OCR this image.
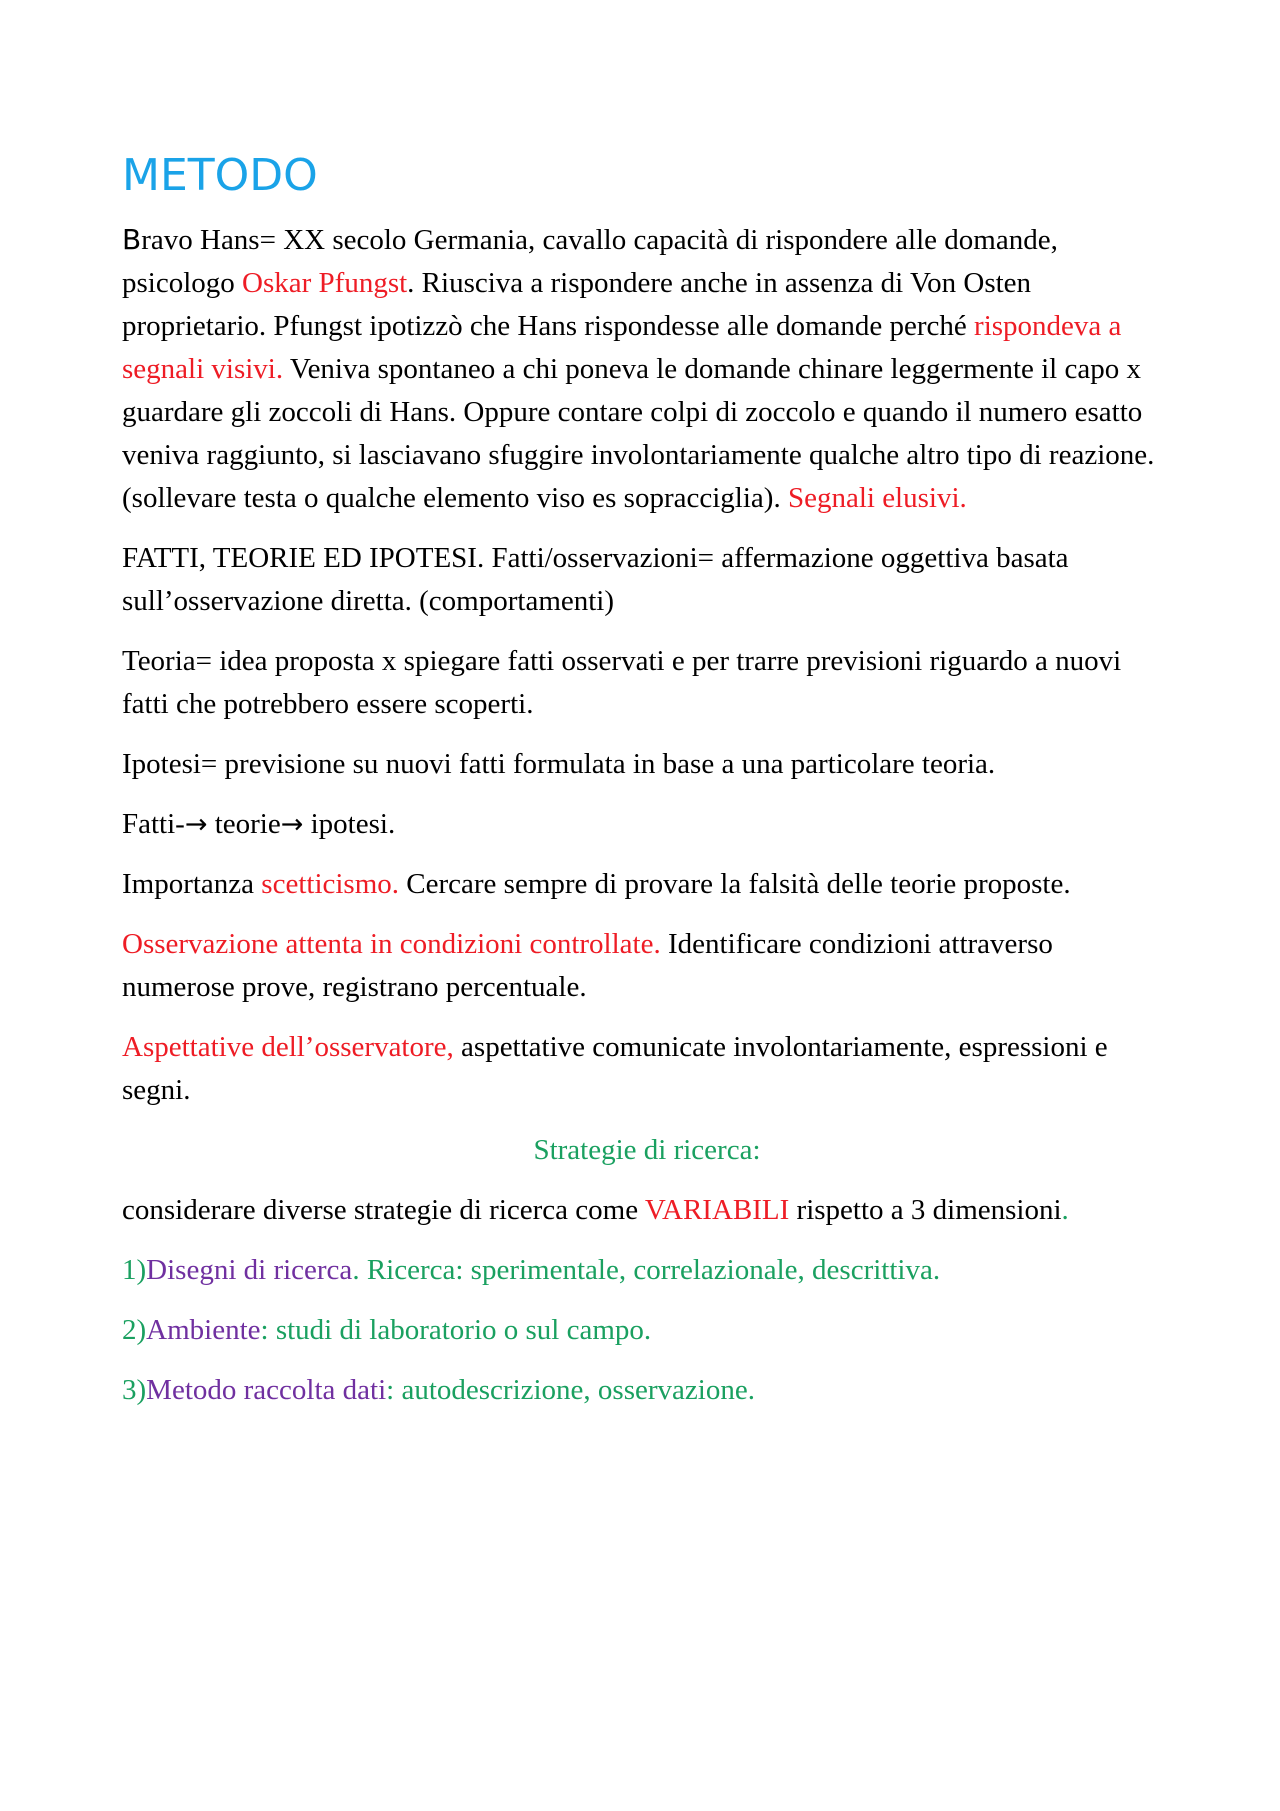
METODO

Bravo Hans= XX secolo Germania, cavallo capacità di rispondere alle domande, psicologo Oskar Pfungst. Riusciva a rispondere anche in assenza di Von Osten proprietario. Pfungst ipotizzò che Hans rispondesse alle domande perché rispondeva a segnali visivi. Veniva spontaneo a chi poneva le domande chinare leggermente il capo x guardare gli zoccoli di Hans. Oppure contare colpi di zoccolo e quando il numero esatto veniva raggiunto, si lasciavano sfuggire involontariamente qualche altro tipo di reazione. (sollevare testa o qualche elemento viso es sopracciglia). Segnali elusivi.

FATTI, TEORIE ED IPOTESI. Fatti/osservazioni= affermazione oggettiva basata sull’osservazione diretta. (comportamenti)

Teoria= idea proposta x spiegare fatti osservati e per trarre previsioni riguardo a nuovi fatti che potrebbero essere scoperti.

Ipotesi= previsione su nuovi fatti formulata in base a una particolare teoria.

Fatti-→ teorie→ ipotesi.

Importanza scetticismo. Cercare sempre di provare la falsità delle teorie proposte.

Osservazione attenta in condizioni controllate. Identificare condizioni attraverso numerose prove, registrano percentuale.

Aspettative dell’osservatore, aspettative comunicate involontariamente, espressioni e segni.

Strategie di ricerca:

considerare diverse strategie di ricerca come VARIABILI rispetto a 3 dimensioni.

1)Disegni di ricerca. Ricerca: sperimentale, correlazionale, descrittiva.

2)Ambiente: studi di laboratorio o sul campo.

3)Metodo raccolta dati: autodescrizione, osservazione.
